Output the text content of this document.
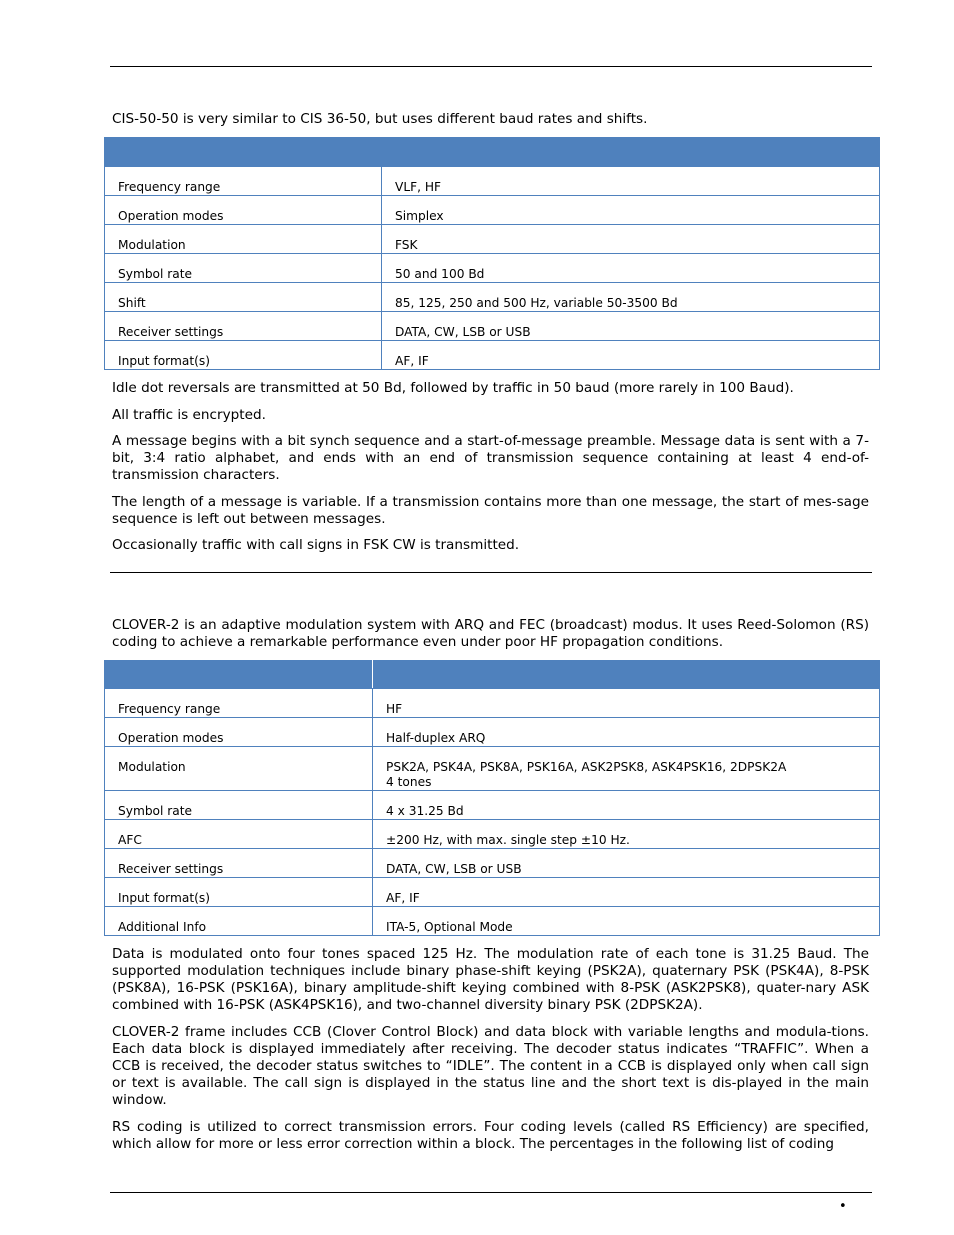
CIS-50-50 is very similar to CIS 36-50, but uses different baud rates and shifts.

Frequency range	VLF, HF
Operation modes	Simplex
Modulation	FSK
Symbol rate	50 and 100 Bd
Shift	85, 125, 250 and 500 Hz, variable 50-3500 Bd
Receiver settings	DATA, CW, LSB or USB
Input format(s)	AF, IF

Idle dot reversals are transmitted at 50 Bd, followed by traffic in 50 baud (more rarely in 100 Baud).

All traffic is encrypted.

A message begins with a bit synch sequence and a start-of-message preamble. Message data is sent with a 7-bit, 3:4 ratio alphabet, and ends with an end of transmission sequence containing at least 4 end-of-transmission characters.

The length of a message is variable. If a transmission contains more than one message, the start of mes-sage sequence is left out between messages.

Occasionally traffic with call signs in FSK CW is transmitted.

CLOVER-2 is an adaptive modulation system with ARQ and FEC (broadcast) modus. It uses Reed-Solomon (RS) coding to achieve a remarkable performance even under poor HF propagation conditions.

Frequency range	HF
Operation modes	Half-duplex ARQ
Modulation	PSK2A, PSK4A, PSK8A, PSK16A, ASK2PSK8, ASK4PSK16, 2DPSK2A
4 tones

Symbol rate	4 x 31.25 Bd
AFC	±200 Hz, with max. single step ±10 Hz.
Receiver settings	DATA, CW, LSB or USB
Input format(s)	AF, IF
Additional Info	ITA-5, Optional Mode

Data is modulated onto four tones spaced 125 Hz. The modulation rate of each tone is 31.25 Baud. The supported modulation techniques include binary phase-shift keying (PSK2A), quaternary PSK (PSK4A), 8-PSK (PSK8A), 16-PSK (PSK16A), binary amplitude-shift keying combined with 8-PSK (ASK2PSK8), quater-nary ASK combined with 16-PSK (ASK4PSK16), and two-channel diversity binary PSK (2DPSK2A).

CLOVER-2 frame includes CCB (Clover Control Block) and data block with variable lengths and modula-tions. Each data block is displayed immediately after receiving. The decoder status indicates “TRAFFIC”. When a CCB is received, the decoder status switches to “IDLE”. The content in a CCB is displayed only when call sign or text is available. The call sign is displayed in the status line and the short text is dis-played in the main window.

RS coding is utilized to correct transmission errors. Four coding levels (called RS Efficiency) are specified, which allow for more or less error correction within a block. The percentages in the following list of coding

•
